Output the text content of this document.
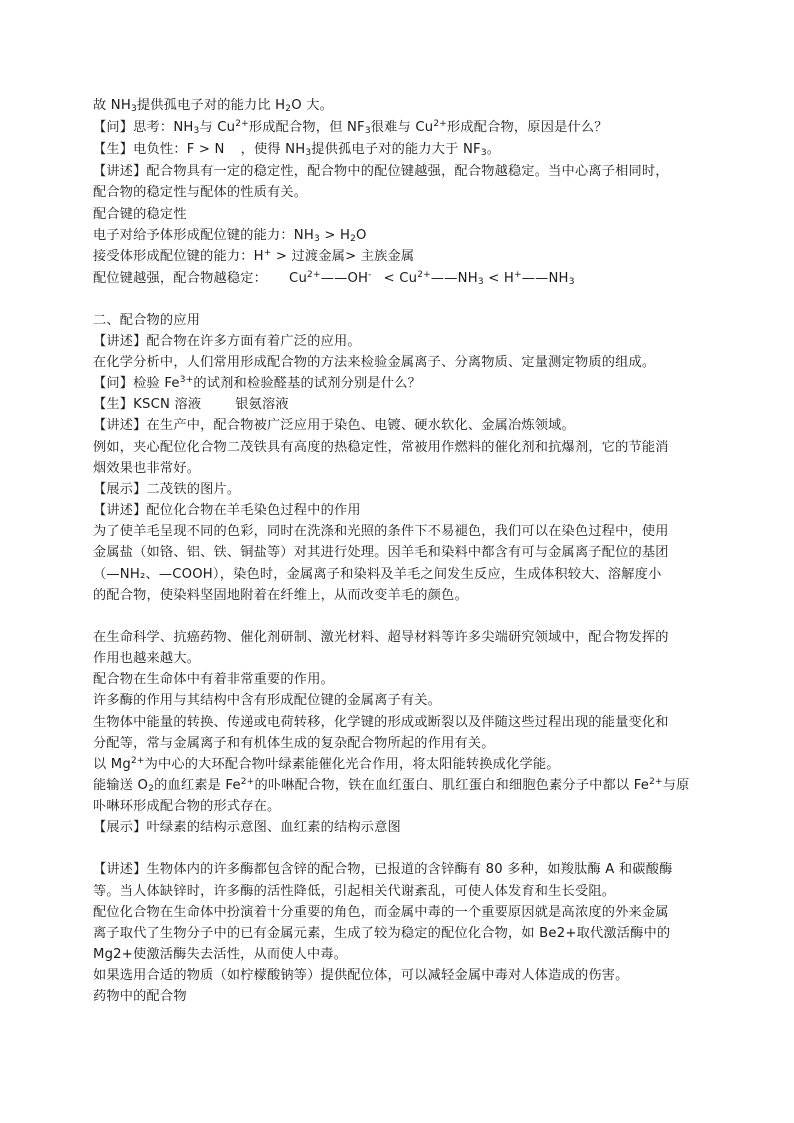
故 $NH_3$提供孤电子对的能力比 $H_2O$ 大。
【问】思考：$NH_3$与 $Cu^{2+}$形成配合物，但 $NF_3$很难与 $Cu^{2+}$形成配合物，原因是什么？
【生】电负性：F > N ，使得 $NH_3$提供孤电子对的能力大于 $NF_3$。
【讲述】配合物具有一定的稳定性，配合物中的配位键越强，配合物越稳定。当中心离子相同时，
配合物的稳定性与配体的性质有关。
配合键的稳定性
电子对给予体形成配位键的能力：$NH_3 > H_2O$
接受体形成配位键的能力：H+ > 过渡金属> 主族金属
配位键越强，配合物越稳定： $Cu^{2+}——OH^-$ < $Cu^{2+}——NH_3$ < $H^+——NH_3$
二、配合物的应用
【讲述】配合物在许多方面有着广泛的应用。
在化学分析中，人们常用形成配合物的方法来检验金属离子、分离物质、定量测定物质的组成。
【问】检验 $Fe^{3+}$的试剂和检验醛基的试剂分别是什么？
【生】KSCN 溶液	银氨溶液
【讲述】在生产中，配合物被广泛应用于染色、电镀、硬水软化、金属冶炼领域。
例如，夹心配位化合物二茂铁具有高度的热稳定性，常被用作燃料的催化剂和抗爆剂，它的节能消
烟效果也非常好。
【展示】二茂铁的图片。
【讲述】配位化合物在羊毛染色过程中的作用
为了使羊毛呈现不同的色彩，同时在洗涤和光照的条件下不易褪色，我们可以在染色过程中，使用
金属盐（如铬、铝、铁、铜盐等）对其进行处理。因羊毛和染料中都含有可与金属离子配位的基团
（—NH₂、—COOH），染色时，金属离子和染料及羊毛之间发生反应，生成体积较大、溶解度小
的配合物，使染料坚固地附着在纤维上，从而改变羊毛的颜色。
在生命科学、抗癌药物、催化剂研制、激光材料、超导材料等许多尖端研究领域中，配合物发挥的
作用也越来越大。
配合物在生命体中有着非常重要的作用。
许多酶的作用与其结构中含有形成配位键的金属离子有关。
生物体中能量的转换、传递或电荷转移，化学键的形成或断裂以及伴随这些过程出现的能量变化和
分配等，常与金属离子和有机体生成的复杂配合物所起的作用有关。
以 $Mg^{2+}$为中心的大环配合物叶绿素能催化光合作用，将太阳能转换成化学能。
能输送 $O_2$的血红素是 $Fe^{2+}$的卟啉配合物，铁在血红蛋白、肌红蛋白和细胞色素分子中都以 $Fe^{2+}$与原
卟啉环形成配合物的形式存在。
【展示】叶绿素的结构示意图、血红素的结构示意图
【讲述】生物体内的许多酶都包含锌的配合物，已报道的含锌酶有 80 多种，如羧肽酶 A 和碳酸酶
等。当人体缺锌时，许多酶的活性降低，引起相关代谢紊乱，可使人体发育和生长受阻。
配位化合物在生命体中扮演着十分重要的角色，而金属中毒的一个重要原因就是高浓度的外来金属
离子取代了生物分子中的已有金属元素，生成了较为稳定的配位化合物，如 Be2+取代激活酶中的
Mg2+使激活酶失去活性，从而使人中毒。
如果选用合适的物质（如柠檬酸钠等）提供配位体，可以减轻金属中毒对人体造成的伤害。
药物中的配合物
